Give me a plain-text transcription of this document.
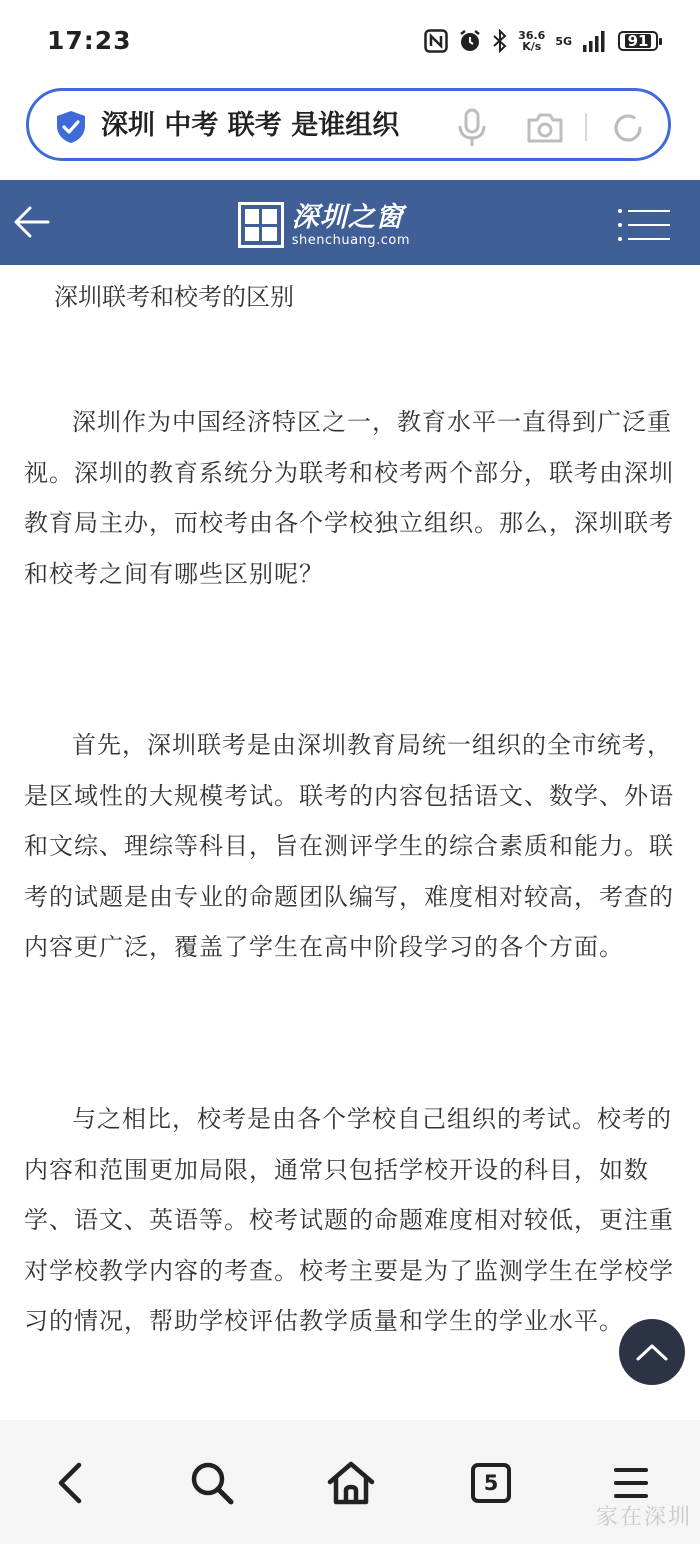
17:23	36.6
K/s 5G	91
深圳 中考 联考 是谁组织
深圳之窗
shenchuang.com
深圳联考和校考的区别

深圳作为中国经济特区之一，教育水平一直得到广泛重视。深圳的教育系统分为联考和校考两个部分，联考由深圳教育局主办，而校考由各个学校独立组织。那么，深圳联考和校考之间有哪些区别呢？

首先，深圳联考是由深圳教育局统一组织的全市统考，是区域性的大规模考试。联考的内容包括语文、数学、外语和文综、理综等科目，旨在测评学生的综合素质和能力。联考的试题是由专业的命题团队编写，难度相对较高，考查的内容更广泛，覆盖了学生在高中阶段学习的各个方面。

与之相比，校考是由各个学校自己组织的考试。校考的内容和范围更加局限，通常只包括学校开设的科目，如数学、语文、英语等。校考试题的命题难度相对较低，更注重对学校教学内容的考查。校考主要是为了监测学生在学校学习的情况，帮助学校评估教学质量和学生的学业水平。

5
家在深圳
